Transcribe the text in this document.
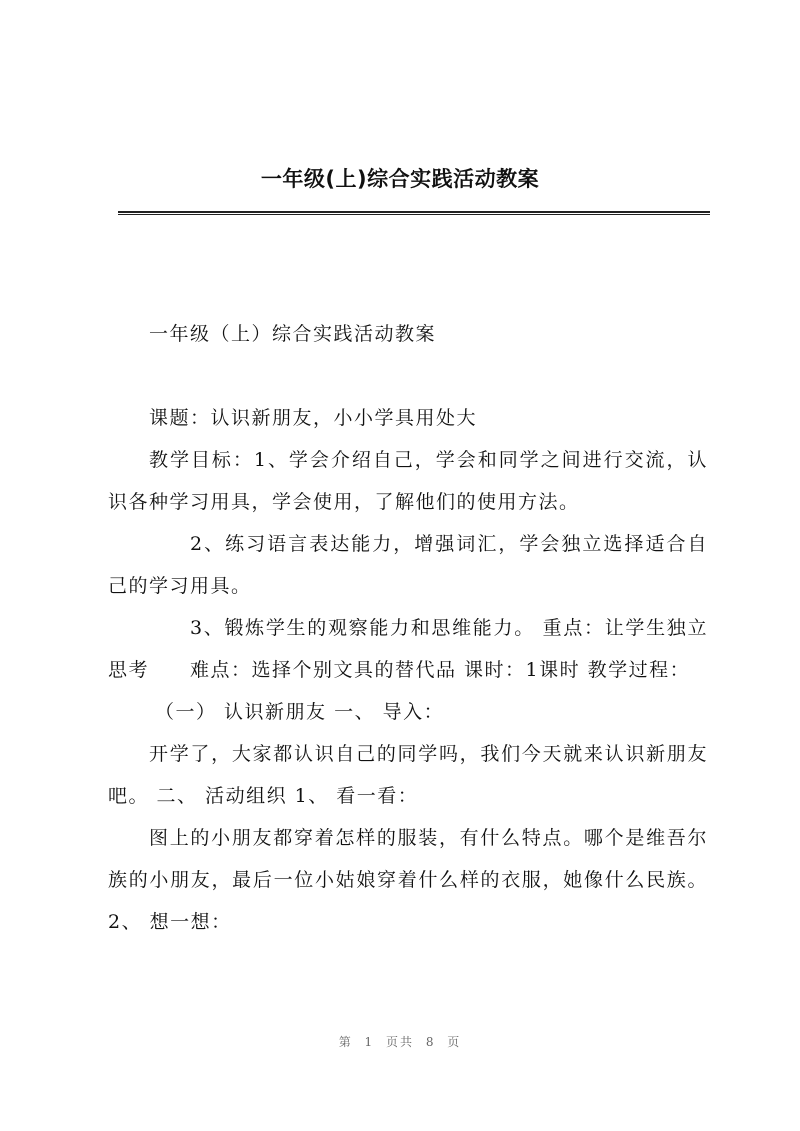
一年级(上)综合实践活动教案

一年级（上）综合实践活动教案

课题：认识新朋友，小小学具用处大

教学目标：1、学会介绍自己，学会和同学之间进行交流，认识各种学习用具，学会使用，了解他们的使用方法。

2、练习语言表达能力，增强词汇，学会独立选择适合自己的学习用具。

3、锻炼学生的观察能力和思维能力。 重点：让学生独立思考　　难点：选择个别文具的替代品 课时：1课时 教学过程：

（一） 认识新朋友 一、 导入：

开学了，大家都认识自己的同学吗，我们今天就来认识新朋友吧。 二、 活动组织 1、 看一看：

图上的小朋友都穿着怎样的服装，有什么特点。哪个是维吾尔族的小朋友，最后一位小姑娘穿着什么样的衣服，她像什么民族。 2、 想一想：

第 1 页共 8 页
